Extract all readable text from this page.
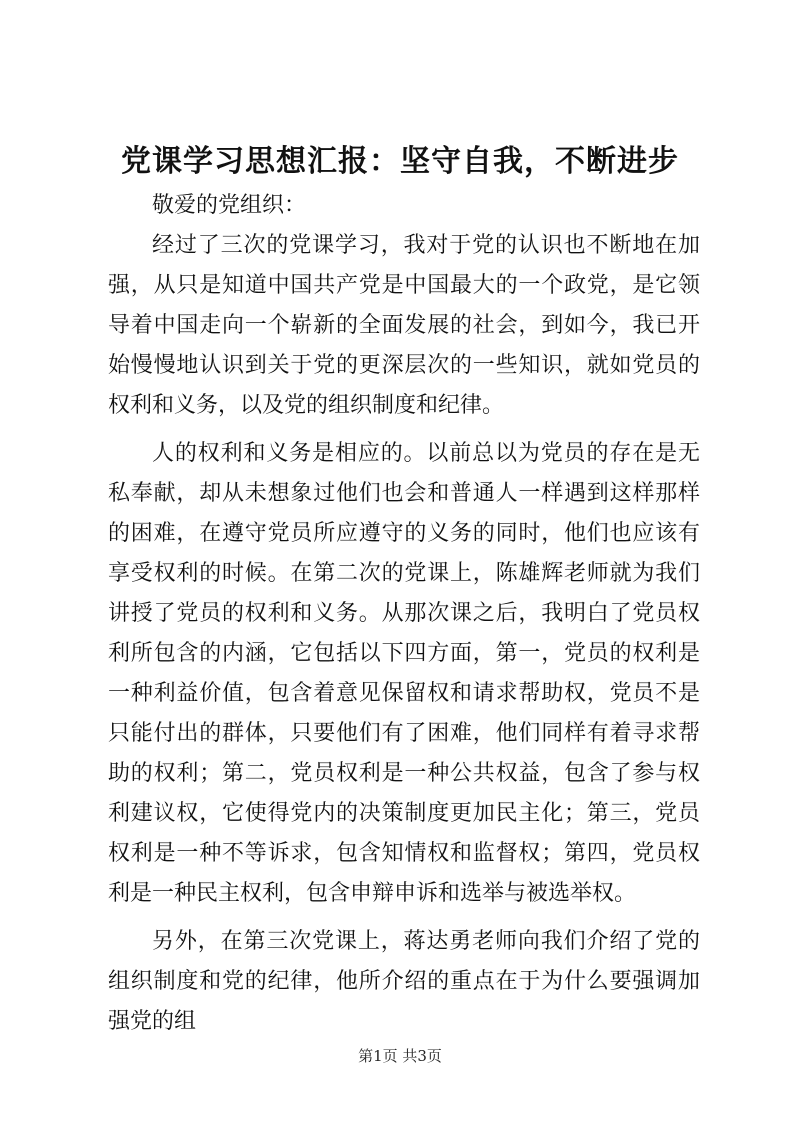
党课学习思想汇报：坚守自我，不断进步

敬爱的党组织：

经过了三次的党课学习，我对于党的认识也不断地在加强，从只是知道中国共产党是中国最大的一个政党，是它领导着中国走向一个崭新的全面发展的社会，到如今，我已开始慢慢地认识到关于党的更深层次的一些知识，就如党员的权利和义务，以及党的组织制度和纪律。

人的权利和义务是相应的。以前总以为党员的存在是无私奉献，却从未想象过他们也会和普通人一样遇到这样那样的困难，在遵守党员所应遵守的义务的同时，他们也应该有享受权利的时候。在第二次的党课上，陈雄辉老师就为我们讲授了党员的权利和义务。从那次课之后，我明白了党员权利所包含的内涵，它包括以下四方面，第一，党员的权利是一种利益价值，包含着意见保留权和请求帮助权，党员不是只能付出的群体，只要他们有了困难，他们同样有着寻求帮助的权利；第二，党员权利是一种公共权益，包含了参与权利建议权，它使得党内的决策制度更加民主化；第三，党员权利是一种不等诉求，包含知情权和监督权；第四，党员权利是一种民主权利，包含申辩申诉和选举与被选举权。

另外，在第三次党课上，蒋达勇老师向我们介绍了党的组织制度和党的纪律，他所介绍的重点在于为什么要强调加强党的组

第1页 共3页
